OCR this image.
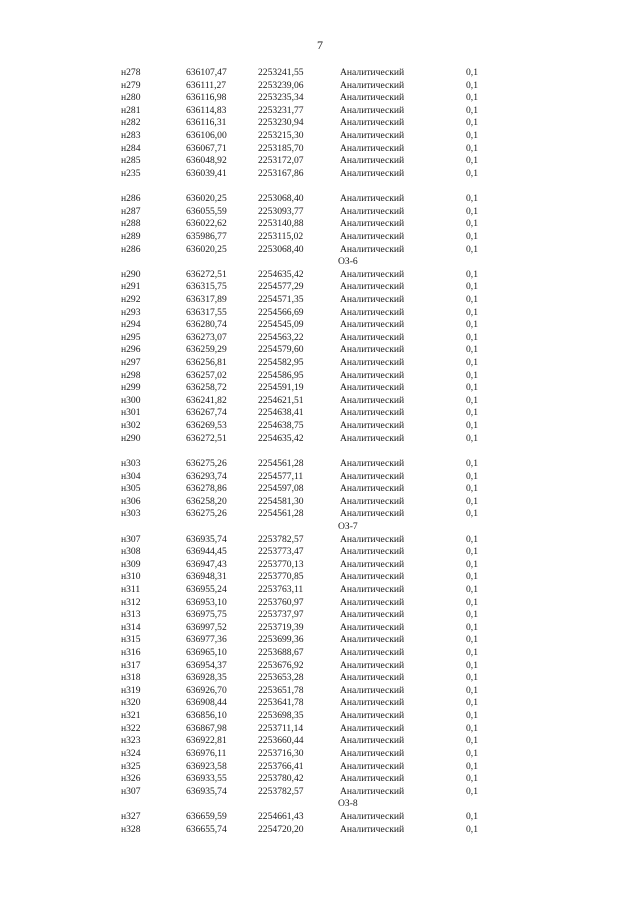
7
н278	636107,47	2253241,55	Аналитический	0,1
н279	636111,27	2253239,06	Аналитический	0,1
н280	636116,98	2253235,34	Аналитический	0,1
н281	636114,83	2253231,77	Аналитический	0,1
н282	636116,31	2253230,94	Аналитический	0,1
н283	636106,00	2253215,30	Аналитический	0,1
н284	636067,71	2253185,70	Аналитический	0,1
н285	636048,92	2253172,07	Аналитический	0,1
н235	636039,41	2253167,86	Аналитический	0,1
н286	636020,25	2253068,40	Аналитический	0,1
н287	636055,59	2253093,77	Аналитический	0,1
н288	636022,62	2253140,88	Аналитический	0,1
н289	635986,77	2253115,02	Аналитический	0,1
н286	636020,25	2253068,40	Аналитический	0,1
ОЗ-6
н290	636272,51	2254635,42	Аналитический	0,1
н291	636315,75	2254577,29	Аналитический	0,1
н292	636317,89	2254571,35	Аналитический	0,1
н293	636317,55	2254566,69	Аналитический	0,1
н294	636280,74	2254545,09	Аналитический	0,1
н295	636273,07	2254563,22	Аналитический	0,1
н296	636259,29	2254579,60	Аналитический	0,1
н297	636256,81	2254582,95	Аналитический	0,1
н298	636257,02	2254586,95	Аналитический	0,1
н299	636258,72	2254591,19	Аналитический	0,1
н300	636241,82	2254621,51	Аналитический	0,1
н301	636267,74	2254638,41	Аналитический	0,1
н302	636269,53	2254638,75	Аналитический	0,1
н290	636272,51	2254635,42	Аналитический	0,1
н303	636275,26	2254561,28	Аналитический	0,1
н304	636293,74	2254577,11	Аналитический	0,1
н305	636278,86	2254597,08	Аналитический	0,1
н306	636258,20	2254581,30	Аналитический	0,1
н303	636275,26	2254561,28	Аналитический	0,1
ОЗ-7
н307	636935,74	2253782,57	Аналитический	0,1
н308	636944,45	2253773,47	Аналитический	0,1
н309	636947,43	2253770,13	Аналитический	0,1
н310	636948,31	2253770,85	Аналитический	0,1
н311	636955,24	2253763,11	Аналитический	0,1
н312	636953,10	2253760,97	Аналитический	0,1
н313	636975,75	2253737,97	Аналитический	0,1
н314	636997,52	2253719,39	Аналитический	0,1
н315	636977,36	2253699,36	Аналитический	0,1
н316	636965,10	2253688,67	Аналитический	0,1
н317	636954,37	2253676,92	Аналитический	0,1
н318	636928,35	2253653,28	Аналитический	0,1
н319	636926,70	2253651,78	Аналитический	0,1
н320	636908,44	2253641,78	Аналитический	0,1
н321	636856,10	2253698,35	Аналитический	0,1
н322	636867,98	2253711,14	Аналитический	0,1
н323	636922,81	2253660,44	Аналитический	0,1
н324	636976,11	2253716,30	Аналитический	0,1
н325	636923,58	2253766,41	Аналитический	0,1
н326	636933,55	2253780,42	Аналитический	0,1
н307	636935,74	2253782,57	Аналитический	0,1
ОЗ-8
н327	636659,59	2254661,43	Аналитический	0,1
н328	636655,74	2254720,20	Аналитический	0,1
